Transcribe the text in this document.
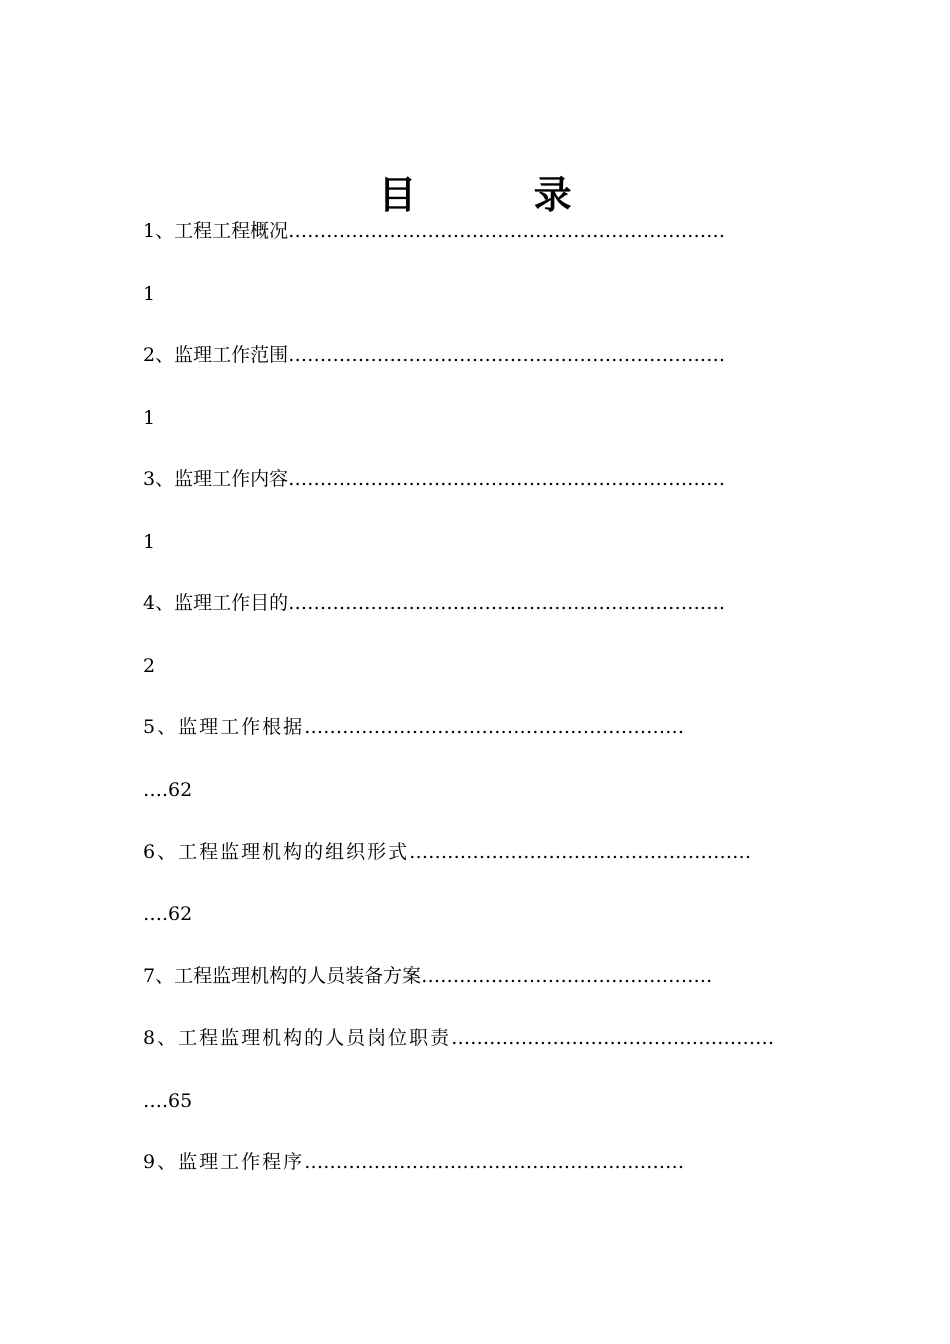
目 录
1、工程工程概况……………………………………………………………
1
2、监理工作范围……………………………………………………………
1
3、监理工作内容……………………………………………………………
1
4、监理工作目的……………………………………………………………
2
5、监理工作根据……………………………………………………
….62
6、工程监理机构的组织形式………………………………………………
….62
7、工程监理机构的人员装备方案……………………………………….
8、工程监理机构的人员岗位职责……………………………………………
….65
9、监理工作程序……………………………………………………
